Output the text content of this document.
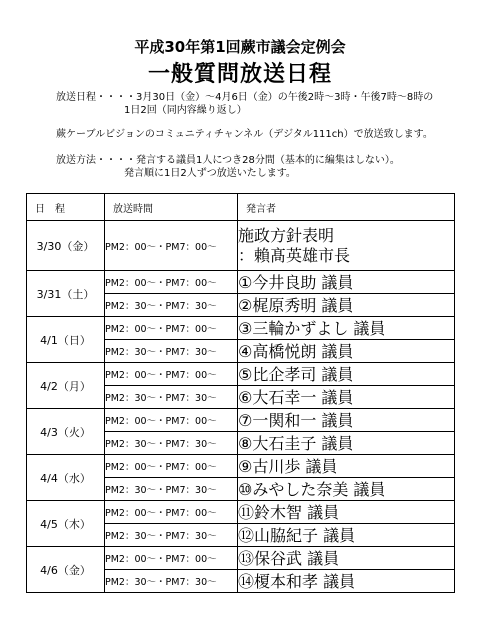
平成30年第1回蕨市議会定例会
一般質問放送日程
放送日程・・・・3月30日（金）～4月6日（金）の午後2時～3時・午後7時～8時の
1日2回（同内容繰り返し）
蕨ケーブルビジョンのコミュニティチャンネル（デジタル111ch）で放送致します。
放送方法・・・・発言する議員1人につき28分間（基本的に編集はしない）。
発言順に1日2人ずつ放送いたします。
日　程	放送時間	発言者
3/30（金）	PM2：00～・PM7：00～	施政方針表明
：賴髙英雄市長

3/31（土）	PM2：00～・PM7：00～	①今井良助 議員
	PM2：30～・PM7：30～	②梶原秀明 議員
4/1（日）	PM2：00～・PM7：00～	③三輪かずよし 議員
	PM2：30～・PM7：30～	④高橋悦朗 議員
4/2（月）	PM2：00～・PM7：00～	⑤比企孝司 議員
	PM2：30～・PM7：30～	⑥大石幸一 議員
4/3（火）	PM2：00～・PM7：00～	⑦一関和一 議員
	PM2：30～・PM7：30～	⑧大石圭子 議員
4/4（水）	PM2：00～・PM7：00～	⑨古川歩 議員
	PM2：30～・PM7：30～	⑩みやした奈美 議員
4/5（木）	PM2：00～・PM7：00～	⑪鈴木智 議員
	PM2：30～・PM7：30～	⑫山脇紀子 議員
4/6（金）	PM2：00～・PM7：00～	⑬保谷武 議員
	PM2：30～・PM7：30～	⑭榎本和孝 議員
